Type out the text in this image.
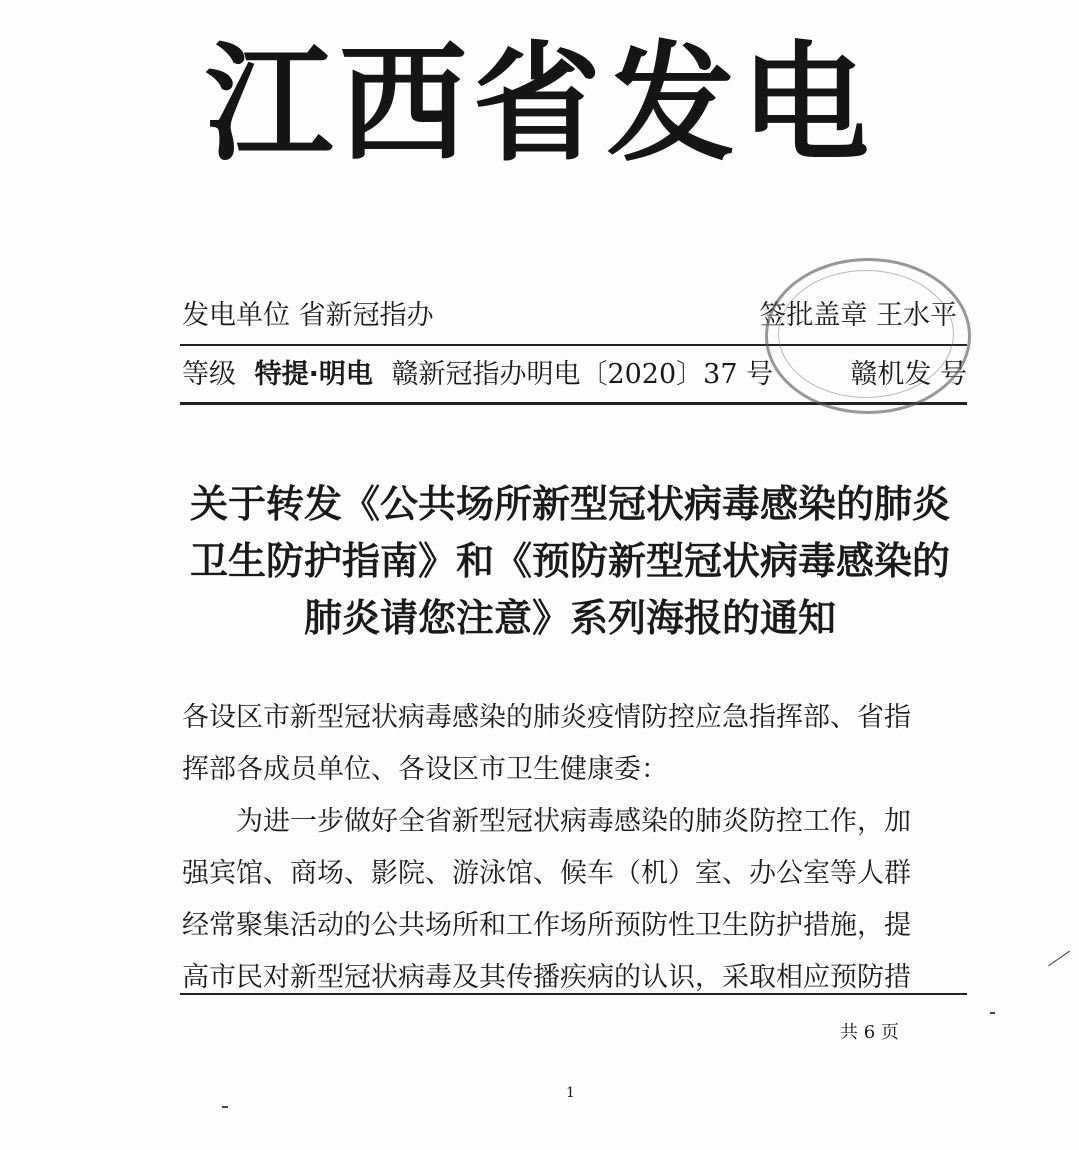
江西省发电
发电单位 省新冠指办	签批盖章 王水平
等级 特提·明电 赣新冠指办明电〔2020〕37 号	赣机发 号
关于转发《公共场所新型冠状病毒感染的肺炎
卫生防护指南》和《预防新型冠状病毒感染的
肺炎请您注意》系列海报的通知

各设区市新型冠状病毒感染的肺炎疫情防控应急指挥部、省指

挥部各成员单位、各设区市卫生健康委：

为进一步做好全省新型冠状病毒感染的肺炎防控工作，加

强宾馆、商场、影院、游泳馆、候车（机）室、办公室等人群

经常聚集活动的公共场所和工作场所预防性卫生防护措施，提

高市民对新型冠状病毒及其传播疾病的认识，采取相应预防措

共 6 页
1
